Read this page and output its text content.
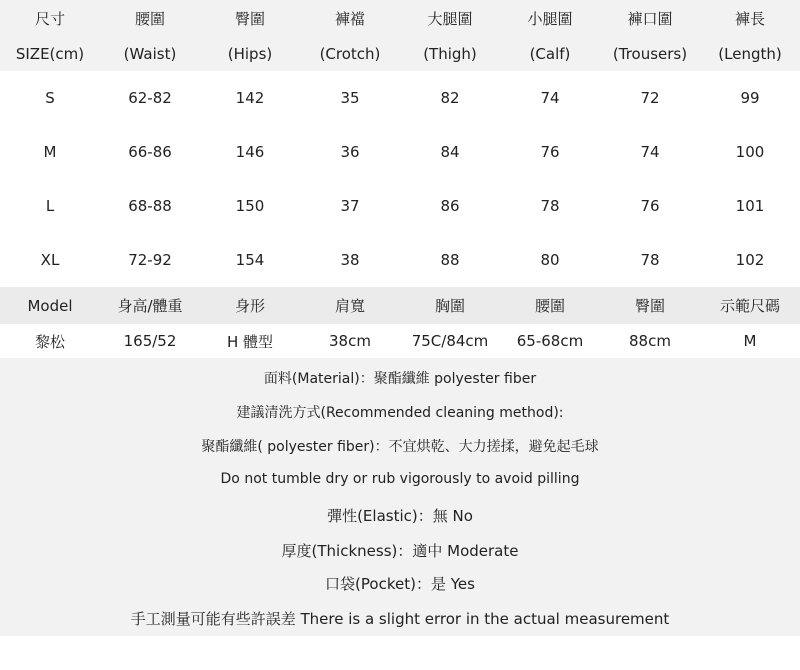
尺寸	腰圍	臀圍	褲襠	大腿圍	小腿圍	褲口圍	褲長
SIZE(cm)	(Waist)	(Hips)	(Crotch)	(Thigh)	(Calf)	(Trousers)	(Length)
S	62-82	142	35	82	74	72	99
M	66-86	146	36	84	76	74	100
L	68-88	150	37	86	78	76	101
XL	72-92	154	38	88	80	78	102
Model	身高/體重	身形	肩寬	胸圍	腰圍	臀圍	示範尺碼
黎松	165/52	H 體型	38cm	75C/84cm	65-68cm	88cm	M
面料(Material)：聚酯纖維 polyester fiber
建議清洗方式(Recommended cleaning method):
聚酯纖維( polyester fiber)：不宜烘乾、大力搓揉，避免起毛球
Do not tumble dry or rub vigorously to avoid pilling
彈性(Elastic)：無 No
厚度(Thickness)：適中 Moderate
口袋(Pocket)：是 Yes
手工測量可能有些許誤差 There is a slight error in the actual measurement
